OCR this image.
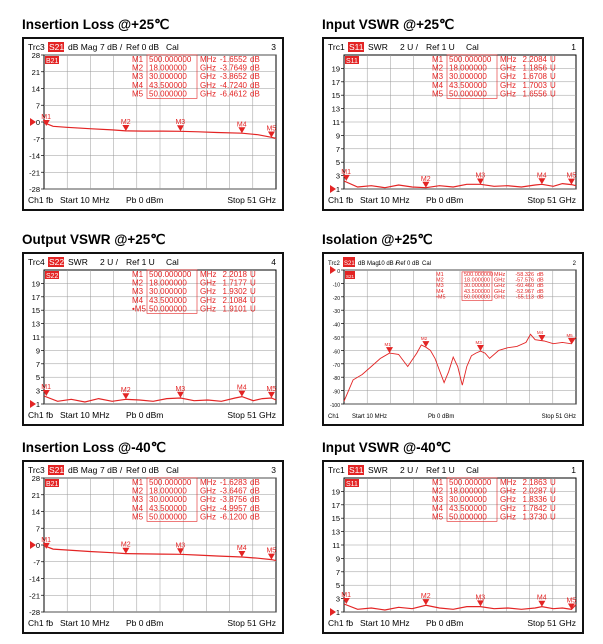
Insertion Loss @+25℃
Trc3 S21 dB Mag 7 dB / Ref 0 dB Cal	3
28
21
14
7
0
-7
-14
-21
-28
B21
M1
M2	M3	M4
M5
M1 500.000000 MHz -1.6552 dB
M2 18.000000 GHz -3.7649 dB
M3 30.000000 GHz -3.8652 dB
M4 43.500000 GHz -4.7240 dB
M5 50.000000 GHz -6.4612 dB
Ch1 fb Start 10 MHz Pb 0 dBm	Stop 51 GHz
Input VSWR @+25℃
Trc1 S11 SWR 2 U / Ref 1 U Cal	1
19
17
15
13
11
9
7
5
3
1
S11
M1
M2	M3	M4	M5
M1 500.000000 MHz 2.2084 U
M2 18.000000 GHz 1.1856 U
M3 30.000000 GHz 1.6708 U
M4 43.500000 GHz 1.7003 U
M5 50.000000 GHz 1.6556 U
Ch1 fb Start 10 MHz Pb 0 dBm	Stop 51 GHz
Output VSWR @+25℃
Trc4 S22 SWR 2 U / Ref 1 U Cal	4
19
17
15
13
11
9
7
5
3
1
S22
M1	M2	M3	M4	M5
M1 500.000000 MHz 2.2018 U
M2 18.000000 GHz 1.7177 U
M3 30.000000 GHz 1.9302 U
M4 43.500000 GHz 2.1084 U
•M5 50.000000 GHz 1.9101 U
Ch1 fb Start 10 MHz Pb 0 dBm	Stop 51 GHz
Isolation @+25℃
Trc2 S21 dB Mag 10 dB /
Ref 0 dB Cal	2
0
-10
-20
-30
-40
-50
-60
-70
-80
-90
-100
S21
M1
M2
M3
M4
M5
M1	500.000000 MHz -58.326 dB
M2	18.000000 GHz -57.576 dB
M3	30.000000 GHz -60.460 dB
M4	43.500000 GHz -52.967 dB
•M5	50.000000 GHz -55.113 dB
Ch1 Start 10 MHz	Pb 0 dBm	Stop 51 GHz
Insertion Loss @-40℃
Trc3 S21 dB Mag 7 dB / Ref 0 dB Cal	3
28
21
14
7
0
-7
-14
-21
-28
B21
M1
M2	M3	M4	M5
M1 500.000000 MHz -1.6283 dB
M2 18.000000 GHz -3.6467 dB
M3 30.000000 GHz -3.8756 dB
M4 43.500000 GHz -4.9957 dB
M5 50.000000 GHz -6.1200 dB
Ch1 fb Start 10 MHz Pb 0 dBm	Stop 51 GHz
Input VSWR @-40℃
Trc1 S11 SWR 2 U / Ref 1 U Cal	1
19
17
15
13
11
9
7
5
3
1
S11
M1	M2	M3	M4	M5
M1 500.000000 MHz 2.1863 U
M2 18.000000 GHz 2.0287 U
M3 30.000000 GHz 1.8336 U
M4 43.500000 GHz 1.7842 U
M5 50.000000 GHz 1.3730 U
Ch1 fb Start 10 MHz Pb 0 dBm	Stop 51 GHz
